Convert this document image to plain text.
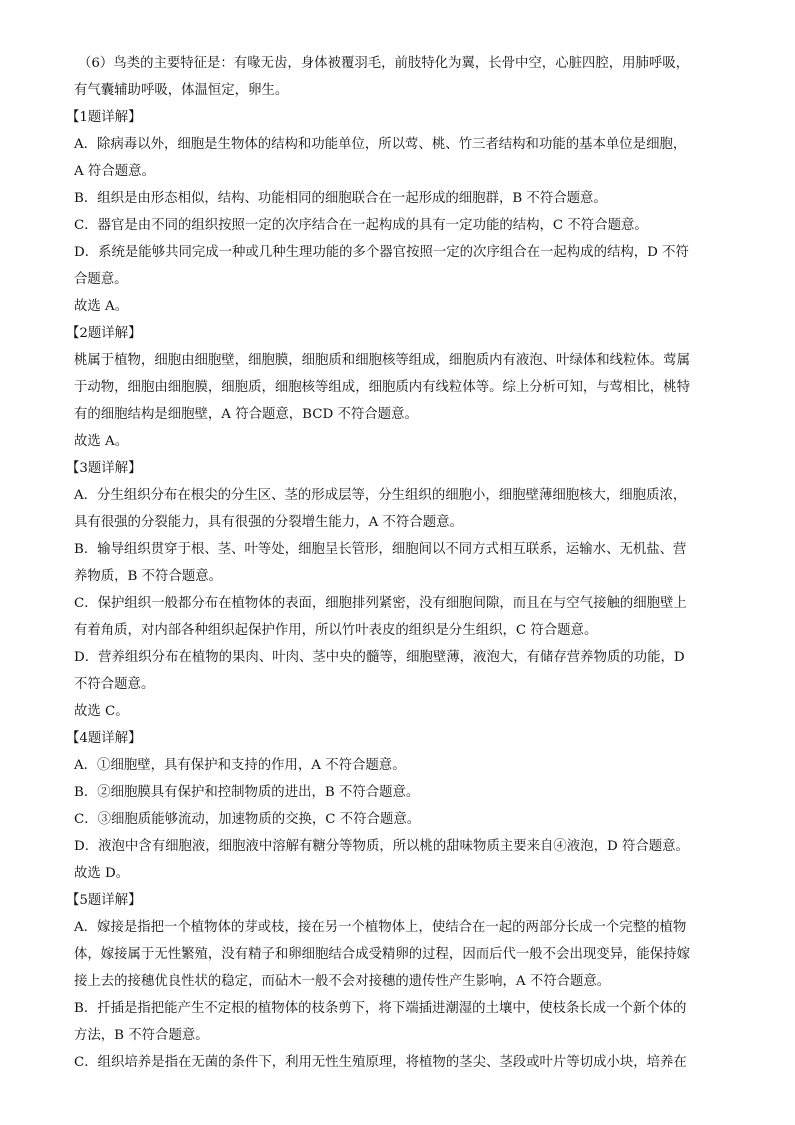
（6）鸟类的主要特征是：有喙无齿，身体被覆羽毛，前肢特化为翼，长骨中空，心脏四腔，用肺呼吸，

有气囊辅助呼吸，体温恒定，卵生。

【1题详解】

A．除病毒以外，细胞是生物体的结构和功能单位，所以莺、桃、竹三者结构和功能的基本单位是细胞，

A 符合题意。

B．组织是由形态相似，结构、功能相同的细胞联合在一起形成的细胞群，B 不符合题意。

C．器官是由不同的组织按照一定的次序结合在一起构成的具有一定功能的结构，C 不符合题意。

D．系统是能够共同完成一种或几种生理功能的多个器官按照一定的次序组合在一起构成的结构，D 不符

合题意。

故选 A。

【2题详解】

桃属于植物，细胞由细胞壁，细胞膜，细胞质和细胞核等组成，细胞质内有液泡、叶绿体和线粒体。莺属

于动物，细胞由细胞膜，细胞质，细胞核等组成，细胞质内有线粒体等。综上分析可知，与莺相比，桃特

有的细胞结构是细胞壁，A 符合题意，BCD 不符合题意。

故选 A。

【3题详解】

A．分生组织分布在根尖的分生区、茎的形成层等，分生组织的细胞小，细胞壁薄细胞核大，细胞质浓，

具有很强的分裂能力，具有很强的分裂增生能力，A 不符合题意。

B．输导组织贯穿于根、茎、叶等处，细胞呈长管形，细胞间以不同方式相互联系，运输水、无机盐、营

养物质，B 不符合题意。

C．保护组织一般都分布在植物体的表面，细胞排列紧密，没有细胞间隙，而且在与空气接触的细胞壁上

有着角质，对内部各种组织起保护作用，所以竹叶表皮的组织是分生组织，C 符合题意。

D．营养组织分布在植物的果肉、叶肉、茎中央的髓等，细胞壁薄，液泡大，有储存营养物质的功能，D

不符合题意。

故选 C。

【4题详解】

A．①细胞壁，具有保护和支持的作用，A 不符合题意。

B．②细胞膜具有保护和控制物质的进出，B 不符合题意。

C．③细胞质能够流动，加速物质的交换，C 不符合题意。

D．液泡中含有细胞液，细胞液中溶解有糖分等物质，所以桃的甜味物质主要来自④液泡，D 符合题意。

故选 D。

【5题详解】

A．嫁接是指把一个植物体的芽或枝，接在另一个植物体上，使结合在一起的两部分长成一个完整的植物

体，嫁接属于无性繁殖，没有精子和卵细胞结合成受精卵的过程，因而后代一般不会出现变异，能保持嫁

接上去的接穗优良性状的稳定，而砧木一般不会对接穗的遗传性产生影响，A 不符合题意。

B．扦插是指把能产生不定根的植物体的枝条剪下，将下端插进潮湿的土壤中，使枝条长成一个新个体的

方法，B 不符合题意。

C．组织培养是指在无菌的条件下，利用无性生殖原理，将植物的茎尖、茎段或叶片等切成小块，培养在
